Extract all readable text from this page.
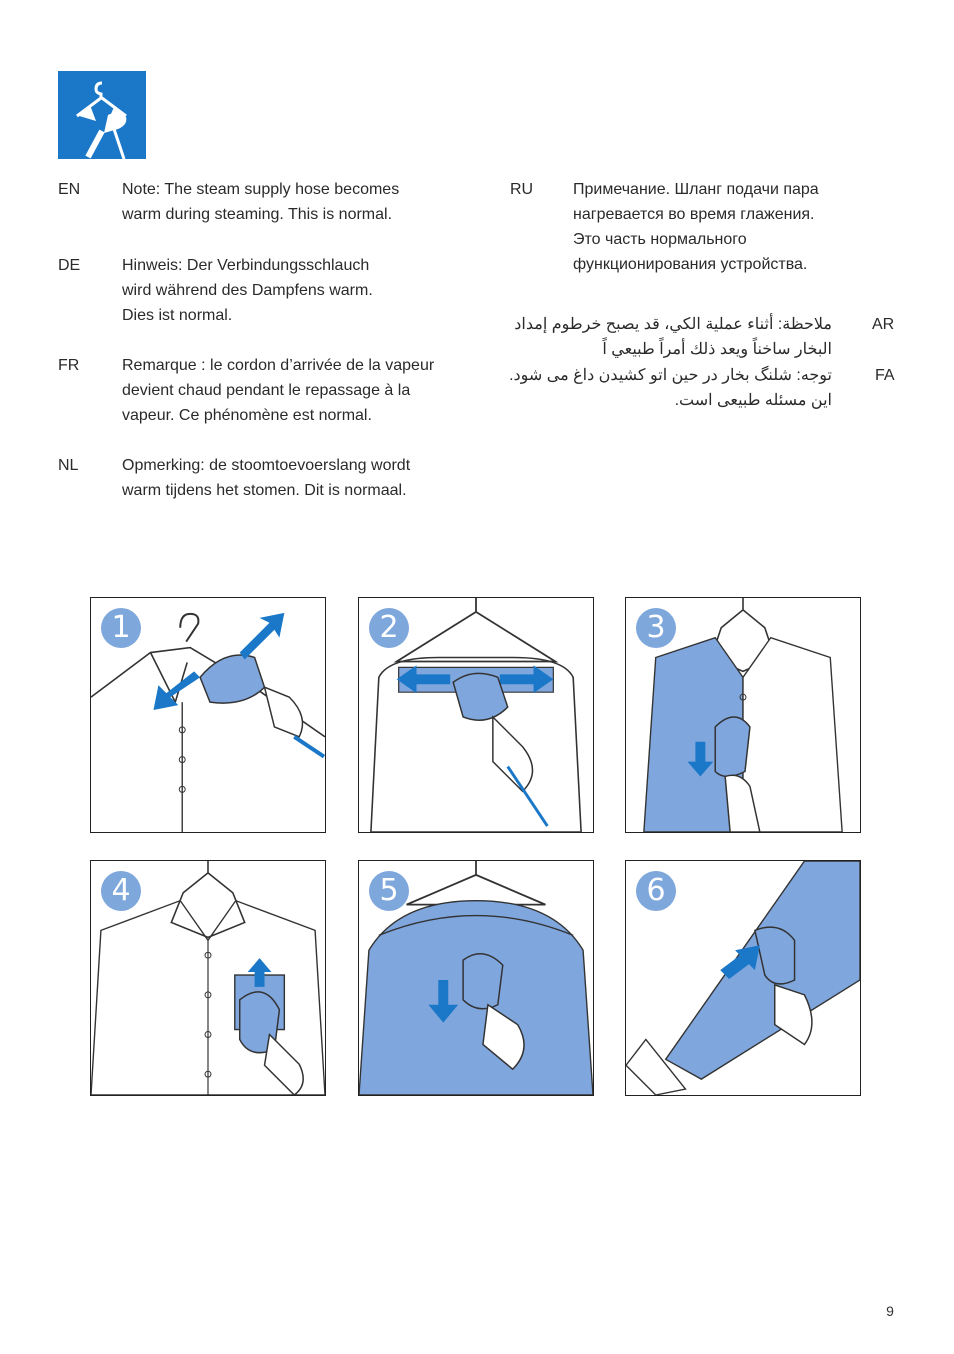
EN	Note: The steam supply hose becomes
warm during steaming. This is normal.
DE	Hinweis: Der Verbindungsschlauch
wird während des Dampfens warm.
Dies ist normal.
FR	Remarque : le cordon d’arrivée de la vapeur
devient chaud pendant le repassage à la
vapeur. Ce phénomène est normal.
NL	Opmerking: de stoomtoevoerslang wordt
warm tijdens het stomen. Dit is normaal.
RU Примечание. Шланг подачи пара
нагревается во время глажения.
Это часть нормального
функционирования устройства.
AR
ملاحظة: أثناء عملية الكي، قد يصبح خرطوم إمداد
البخار ساخناً ويعد ذلك أمراً طبيعي اً
FA
توجه: شلنگ بخار در حین اتو کشیدن داغ می شود.
این مسئله طبیعی است.
1	2	3
4	5	6
9
